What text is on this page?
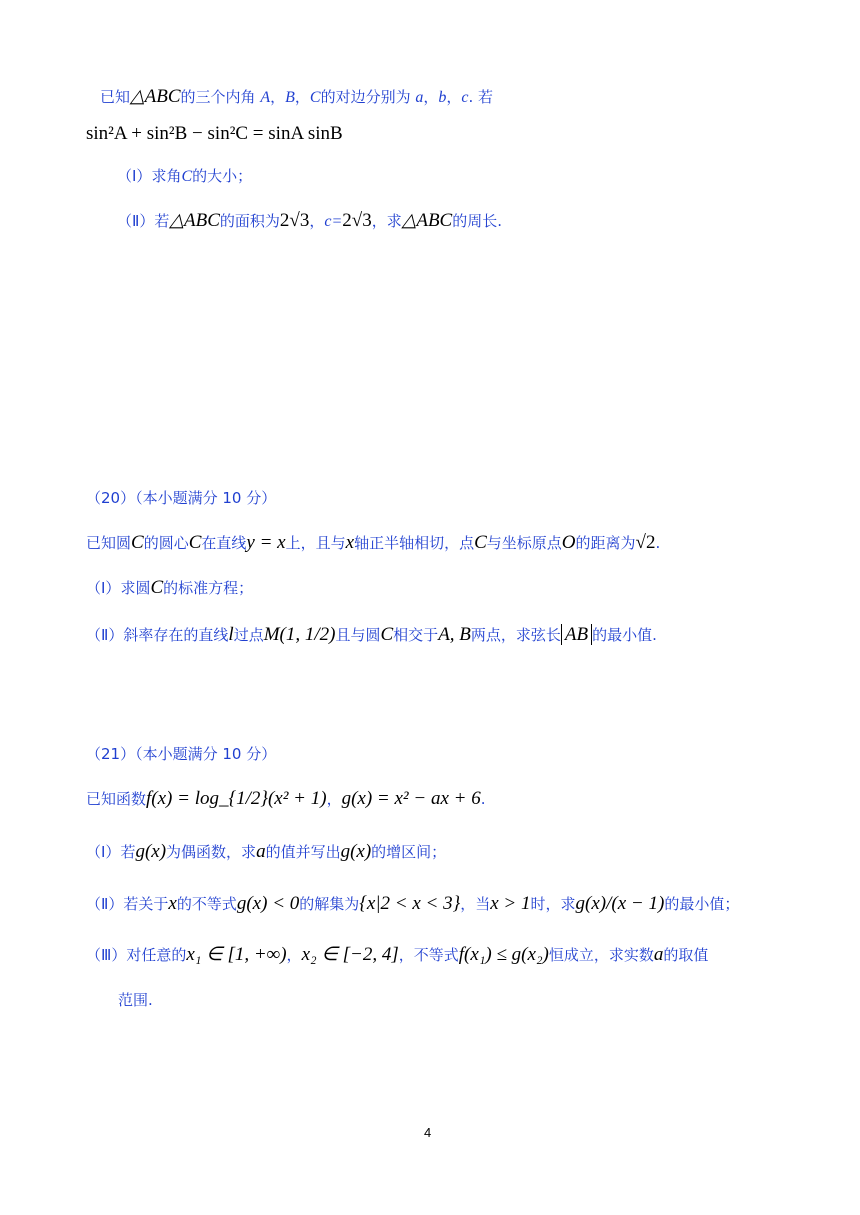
已知△ABC的三个内角 A，B，C的对边分别为 a，b，c. 若
sin²A + sin²B − sin²C = sinA sinB
（Ⅰ）求角C的大小；
（Ⅱ）若△ABC的面积为2√3，c=2√3，求△ABC的周长.
（20）（本小题满分 10 分）
已知圆C的圆心C在直线y = x上，且与x轴正半轴相切，点C与坐标原点O的距离为√2.
（Ⅰ）求圆C的标准方程；
（Ⅱ）斜率存在的直线l过点M(1, 1/2)且与圆C相交于A, B两点，求弦长 AB 的最小值.
（21）（本小题满分 10 分）
已知函数f(x) = log_{1/2}(x² + 1)，g(x) = x² − ax + 6.
（Ⅰ）若g(x)为偶函数，求a的值并写出g(x)的增区间；
（Ⅱ）若关于x的不等式g(x) < 0的解集为{x|2 < x < 3}，当x > 1时，求g(x)/(x − 1)的最小值；
（Ⅲ）对任意的x₁ ∈ [1, +∞)，x₂ ∈ [−2, 4]，不等式f(x₁) ≤ g(x₂)恒成立，求实数a的取值
范围.
4
